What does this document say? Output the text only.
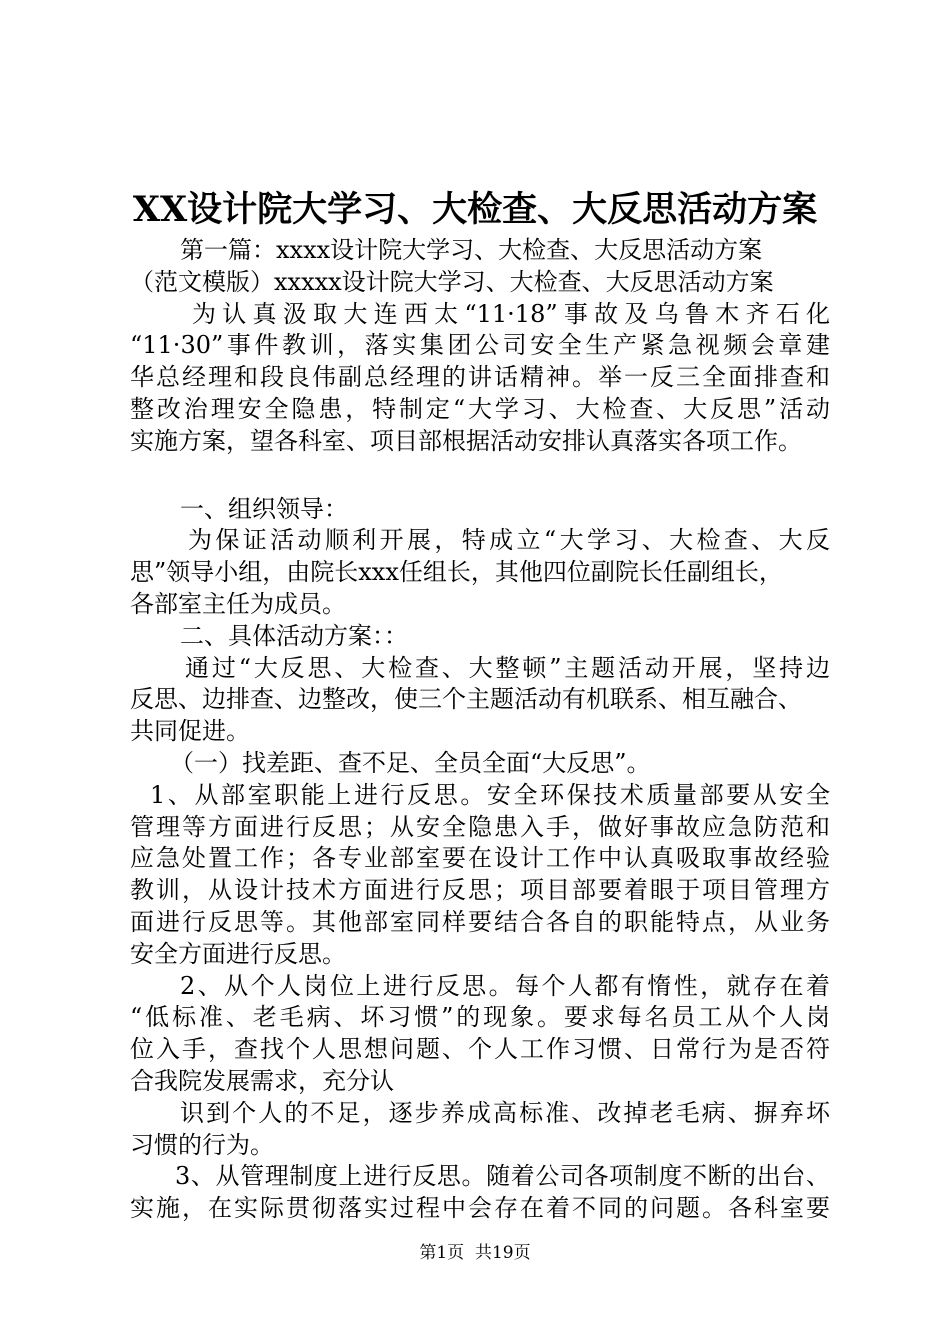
XX设计院大学习、大检查、大反思活动方案
第一篇：xxxx设计院大学习、大检查、大反思活动方案
（范文模版）xxxxx设计院大学习、大检查、大反思活动方案
为认真汲取大连西太“11·18”事故及乌鲁木齐石化
“11·30”事件教训，落实集团公司安全生产紧急视频会章建
华总经理和段良伟副总经理的讲话精神。举一反三全面排查和
整改治理安全隐患，特制定“大学习、大检查、大反思”活动
实施方案，望各科室、项目部根据活动安排认真落实各项工作。
一、组织领导：
为保证活动顺利开展，特成立“大学习、大检查、大反
思”领导小组，由院长xxx任组长，其他四位副院长任副组长，
各部室主任为成员。
二、具体活动方案：：
通过“大反思、大检查、大整顿”主题活动开展，坚持边
反思、边排查、边整改，使三个主题活动有机联系、相互融合、
共同促进。
（一）找差距、查不足、全员全面“大反思”。
1、从部室职能上进行反思。安全环保技术质量部要从安全
管理等方面进行反思；从安全隐患入手，做好事故应急防范和
应急处置工作；各专业部室要在设计工作中认真吸取事故经验
教训，从设计技术方面进行反思；项目部要着眼于项目管理方
面进行反思等。其他部室同样要结合各自的职能特点，从业务
安全方面进行反思。
2、从个人岗位上进行反思。每个人都有惰性，就存在着
“低标准、老毛病、坏习惯”的现象。要求每名员工从个人岗
位入手，查找个人思想问题、个人工作习惯、日常行为是否符
合我院发展需求，充分认
识到个人的不足，逐步养成高标准、改掉老毛病、摒弃坏
习惯的行为。
3、从管理制度上进行反思。随着公司各项制度不断的出台、
实施，在实际贯彻落实过程中会存在着不同的问题。各科室要
第1页  共19页
